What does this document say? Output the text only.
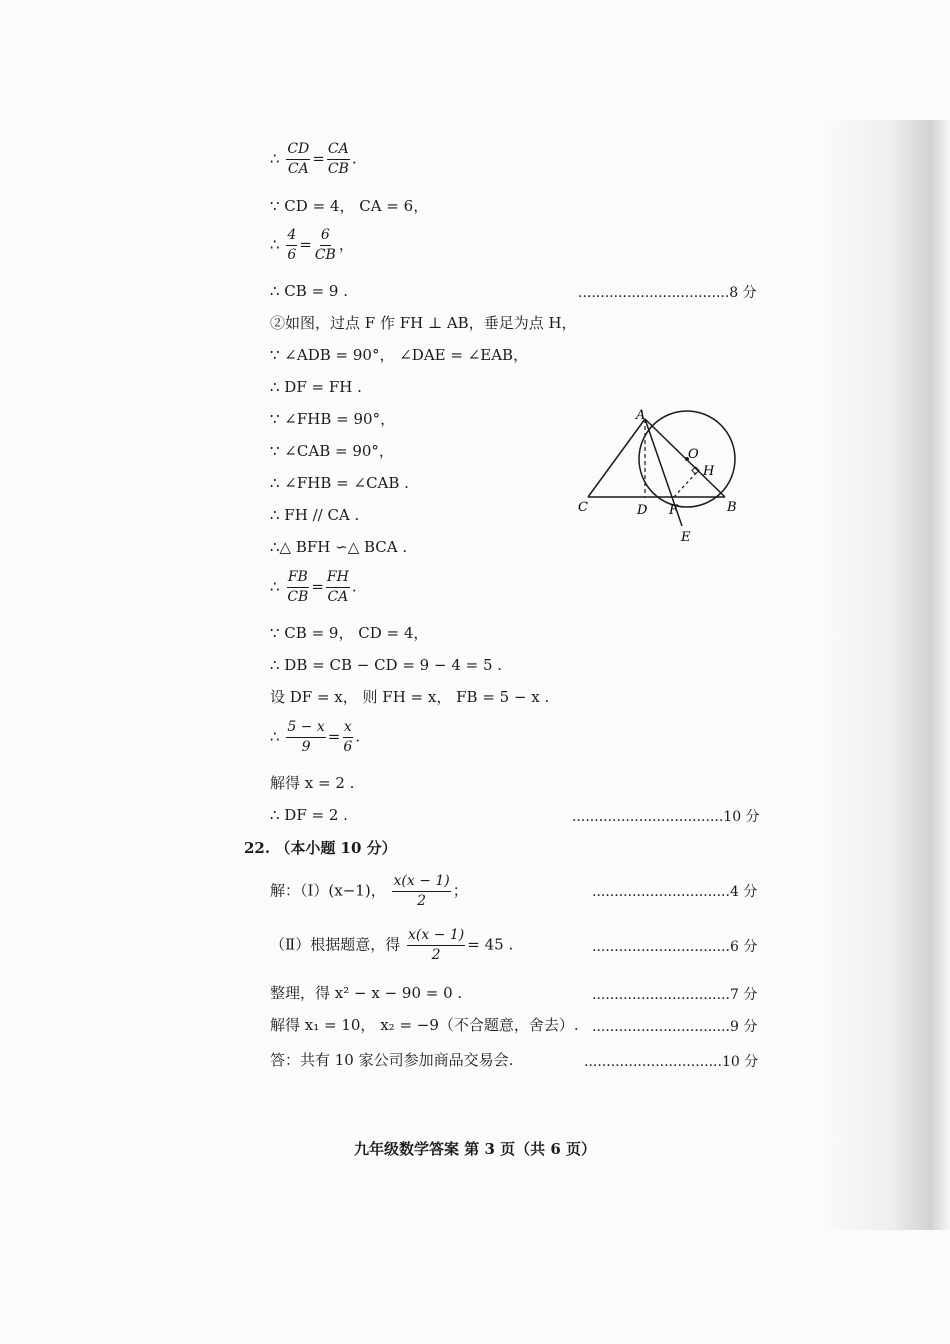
∴ $\frac{CD}{CA} = \frac{CA}{CB}$ .
∵ CD = 4， CA = 6，
∴ $\frac{4}{6} = \frac{6}{CB}$ ，
∴ CB = 9 .	..................................8 分
②如图，过点 F 作 FH ⊥ AB，垂足为点 H，
∵ ∠ADB = 90°， ∠DAE = ∠EAB，
∴ DF = FH .
∵ ∠FHB = 90°，
∵ ∠CAB = 90°，
∴ ∠FHB = ∠CAB .
∴ FH // CA .
∴△ BFH ∽△ BCA .
∴ $\frac{FB}{CB} = \frac{FH}{CA}$ .
∵ CB = 9， CD = 4，
∴ DB = CB − CD = 9 − 4 = 5 .
设 DF = x， 则 FH = x， FB = 5 − x .
∴ $\frac{5 - x}{9} = \frac{x}{6}$ .
解得 x = 2 .
∴ DF = 2 .	..................................10 分
22. （本小题 10 分）
解：（Ⅰ）(x−1)， $\frac{x(x - 1)}{2}$ ；	...............................4 分
（Ⅱ）根据题意，得 $\frac{x(x - 1)}{2} = 45$ .	...............................6 分
整理，得 x² − x − 90 = 0 .	...............................7 分
解得 x₁ = 10， x₂ = −9（不合题意，舍去）. ...............................9 分
答：共有 10 家公司参加商品交易会.	...............................10 分
A
O
H
C	D F	B
E
九年级数学答案 第 3 页（共 6 页）
